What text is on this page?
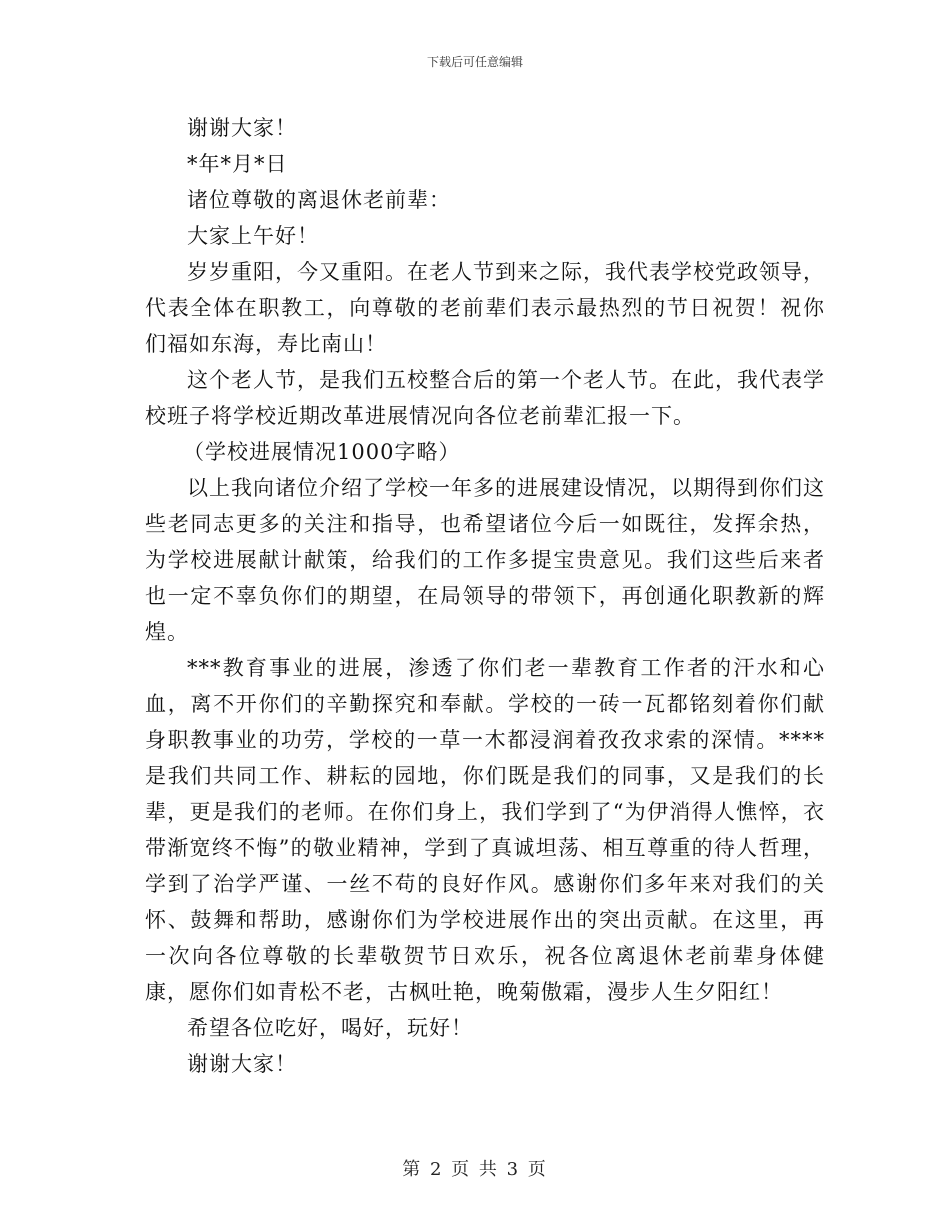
下载后可任意编辑

谢谢大家！

*年*月*日

诸位尊敬的离退休老前辈：

大家上午好！

岁岁重阳，今又重阳。在老人节到来之际，我代表学校党政领导，代表全体在职教工，向尊敬的老前辈们表示最热烈的节日祝贺！祝你们福如东海，寿比南山！

这个老人节，是我们五校整合后的第一个老人节。在此，我代表学校班子将学校近期改革进展情况向各位老前辈汇报一下。

（学校进展情况1000字略）

以上我向诸位介绍了学校一年多的进展建设情况，以期得到你们这些老同志更多的关注和指导，也希望诸位今后一如既往，发挥余热，为学校进展献计献策，给我们的工作多提宝贵意见。我们这些后来者也一定不辜负你们的期望，在局领导的带领下，再创通化职教新的辉煌。

***教育事业的进展，渗透了你们老一辈教育工作者的汗水和心血，离不开你们的辛勤探究和奉献。学校的一砖一瓦都铭刻着你们献身职教事业的功劳，学校的一草一木都浸润着孜孜求索的深情。****是我们共同工作、耕耘的园地，你们既是我们的同事，又是我们的长辈，更是我们的老师。在你们身上，我们学到了“为伊消得人憔悴，衣带渐宽终不悔”的敬业精神，学到了真诚坦荡、相互尊重的待人哲理，学到了治学严谨、一丝不苟的良好作风。感谢你们多年来对我们的关怀、鼓舞和帮助，感谢你们为学校进展作出的突出贡献。在这里，再一次向各位尊敬的长辈敬贺节日欢乐，祝各位离退休老前辈身体健康，愿你们如青松不老，古枫吐艳，晚菊傲霜，漫步人生夕阳红！

希望各位吃好，喝好，玩好！

谢谢大家！

第 2 页 共 3 页
